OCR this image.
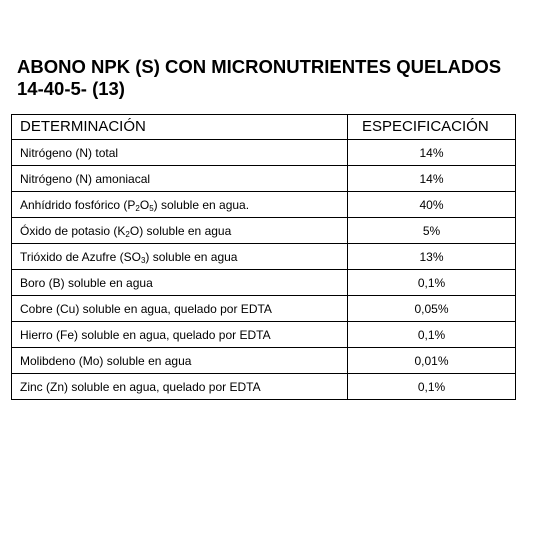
ABONO NPK (S) CON MICRONUTRIENTES QUELADOS
14-40-5- (13)
DETERMINACIÓN	ESPECIFICACIÓN
Nitrógeno (N) total	14%
Nitrógeno (N) amoniacal	14%
Anhídrido fosfórico $(P_2O_5)$ soluble en agua.	40%
Óxido de potasio $(K_2O)$ soluble en agua	5%
Trióxido de Azufre $(SO_3)$ soluble en agua	13%
Boro (B) soluble en agua	0,1%
Cobre (Cu) soluble en agua, quelado por EDTA	0,05%
Hierro (Fe) soluble en agua, quelado por EDTA	0,1%
Molibdeno (Mo) soluble en agua	0,01%
Zinc (Zn) soluble en agua, quelado por EDTA	0,1%
